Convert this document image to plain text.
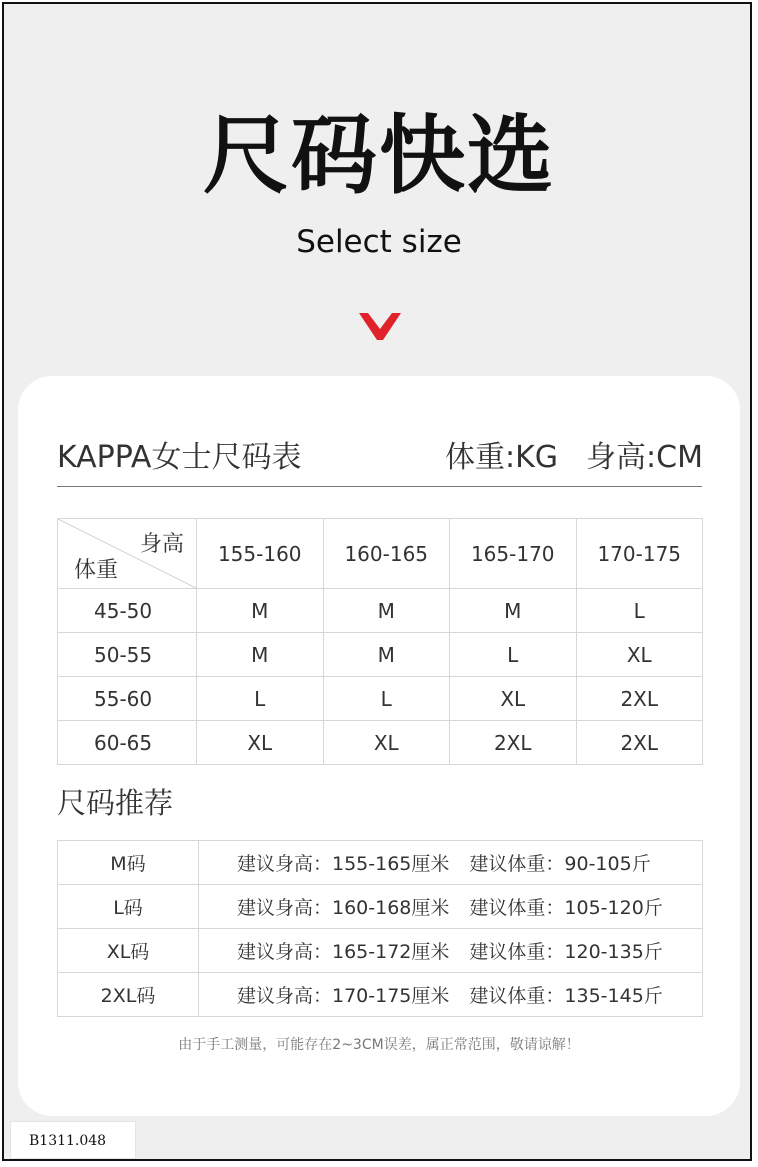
尺码快选
Select size
KAPPA女士尺码表	体重:KG 身高:CM
身高
体重	155-160	160-165	165-170	170-175
45-50	M	M	M	L
50-55	M	M	L	XL
55-60	L	L	XL	2XL
60-65	XL	XL	2XL	2XL
尺码推荐
M码	建议身高：155-165厘米 建议体重：90-105斤
L码	建议身高：160-168厘米 建议体重：105-120斤
XL码	建议身高：165-172厘米 建议体重：120-135斤
2XL码	建议身高：170-175厘米 建议体重：135-145斤
由于手工测量，可能存在2~3CM误差，属正常范围，敬请谅解！
B1311.048
